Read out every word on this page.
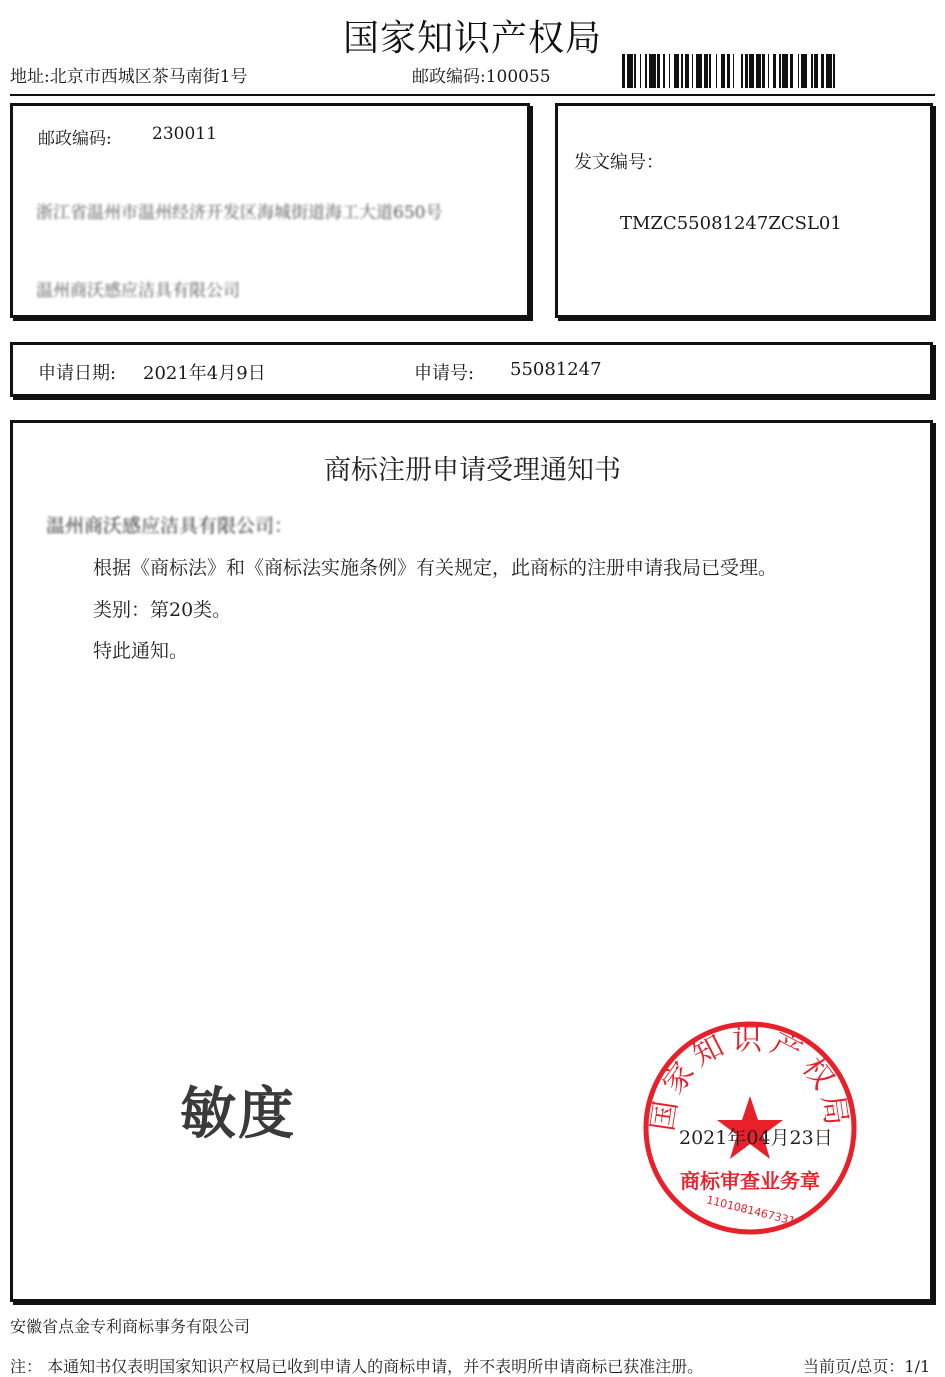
国家知识产权局
地址:北京市西城区茶马南街1号	邮政编码:100055
邮政编码: 230011
浙江省温州市温州经济开发区海城街道海工大道650号
温州商沃感应洁具有限公司
发文编号：
TMZC55081247ZCSL01
申请日期: 2021年4月9日	申请号: 55081247
商标注册申请受理通知书
温州商沃感应洁具有限公司：
根据《商标法》和《商标法实施条例》有关规定，此商标的注册申请我局已受理。
类别：第20类。
特此通知。
敏度	国家知识产权局
商标审查业务章
1101081467331
2021年04月23日
安徽省点金专利商标事务有限公司
注： 本通知书仅表明国家知识产权局已收到申请人的商标申请，并不表明所申请商标已获准注册。	当前页/总页：1/1
